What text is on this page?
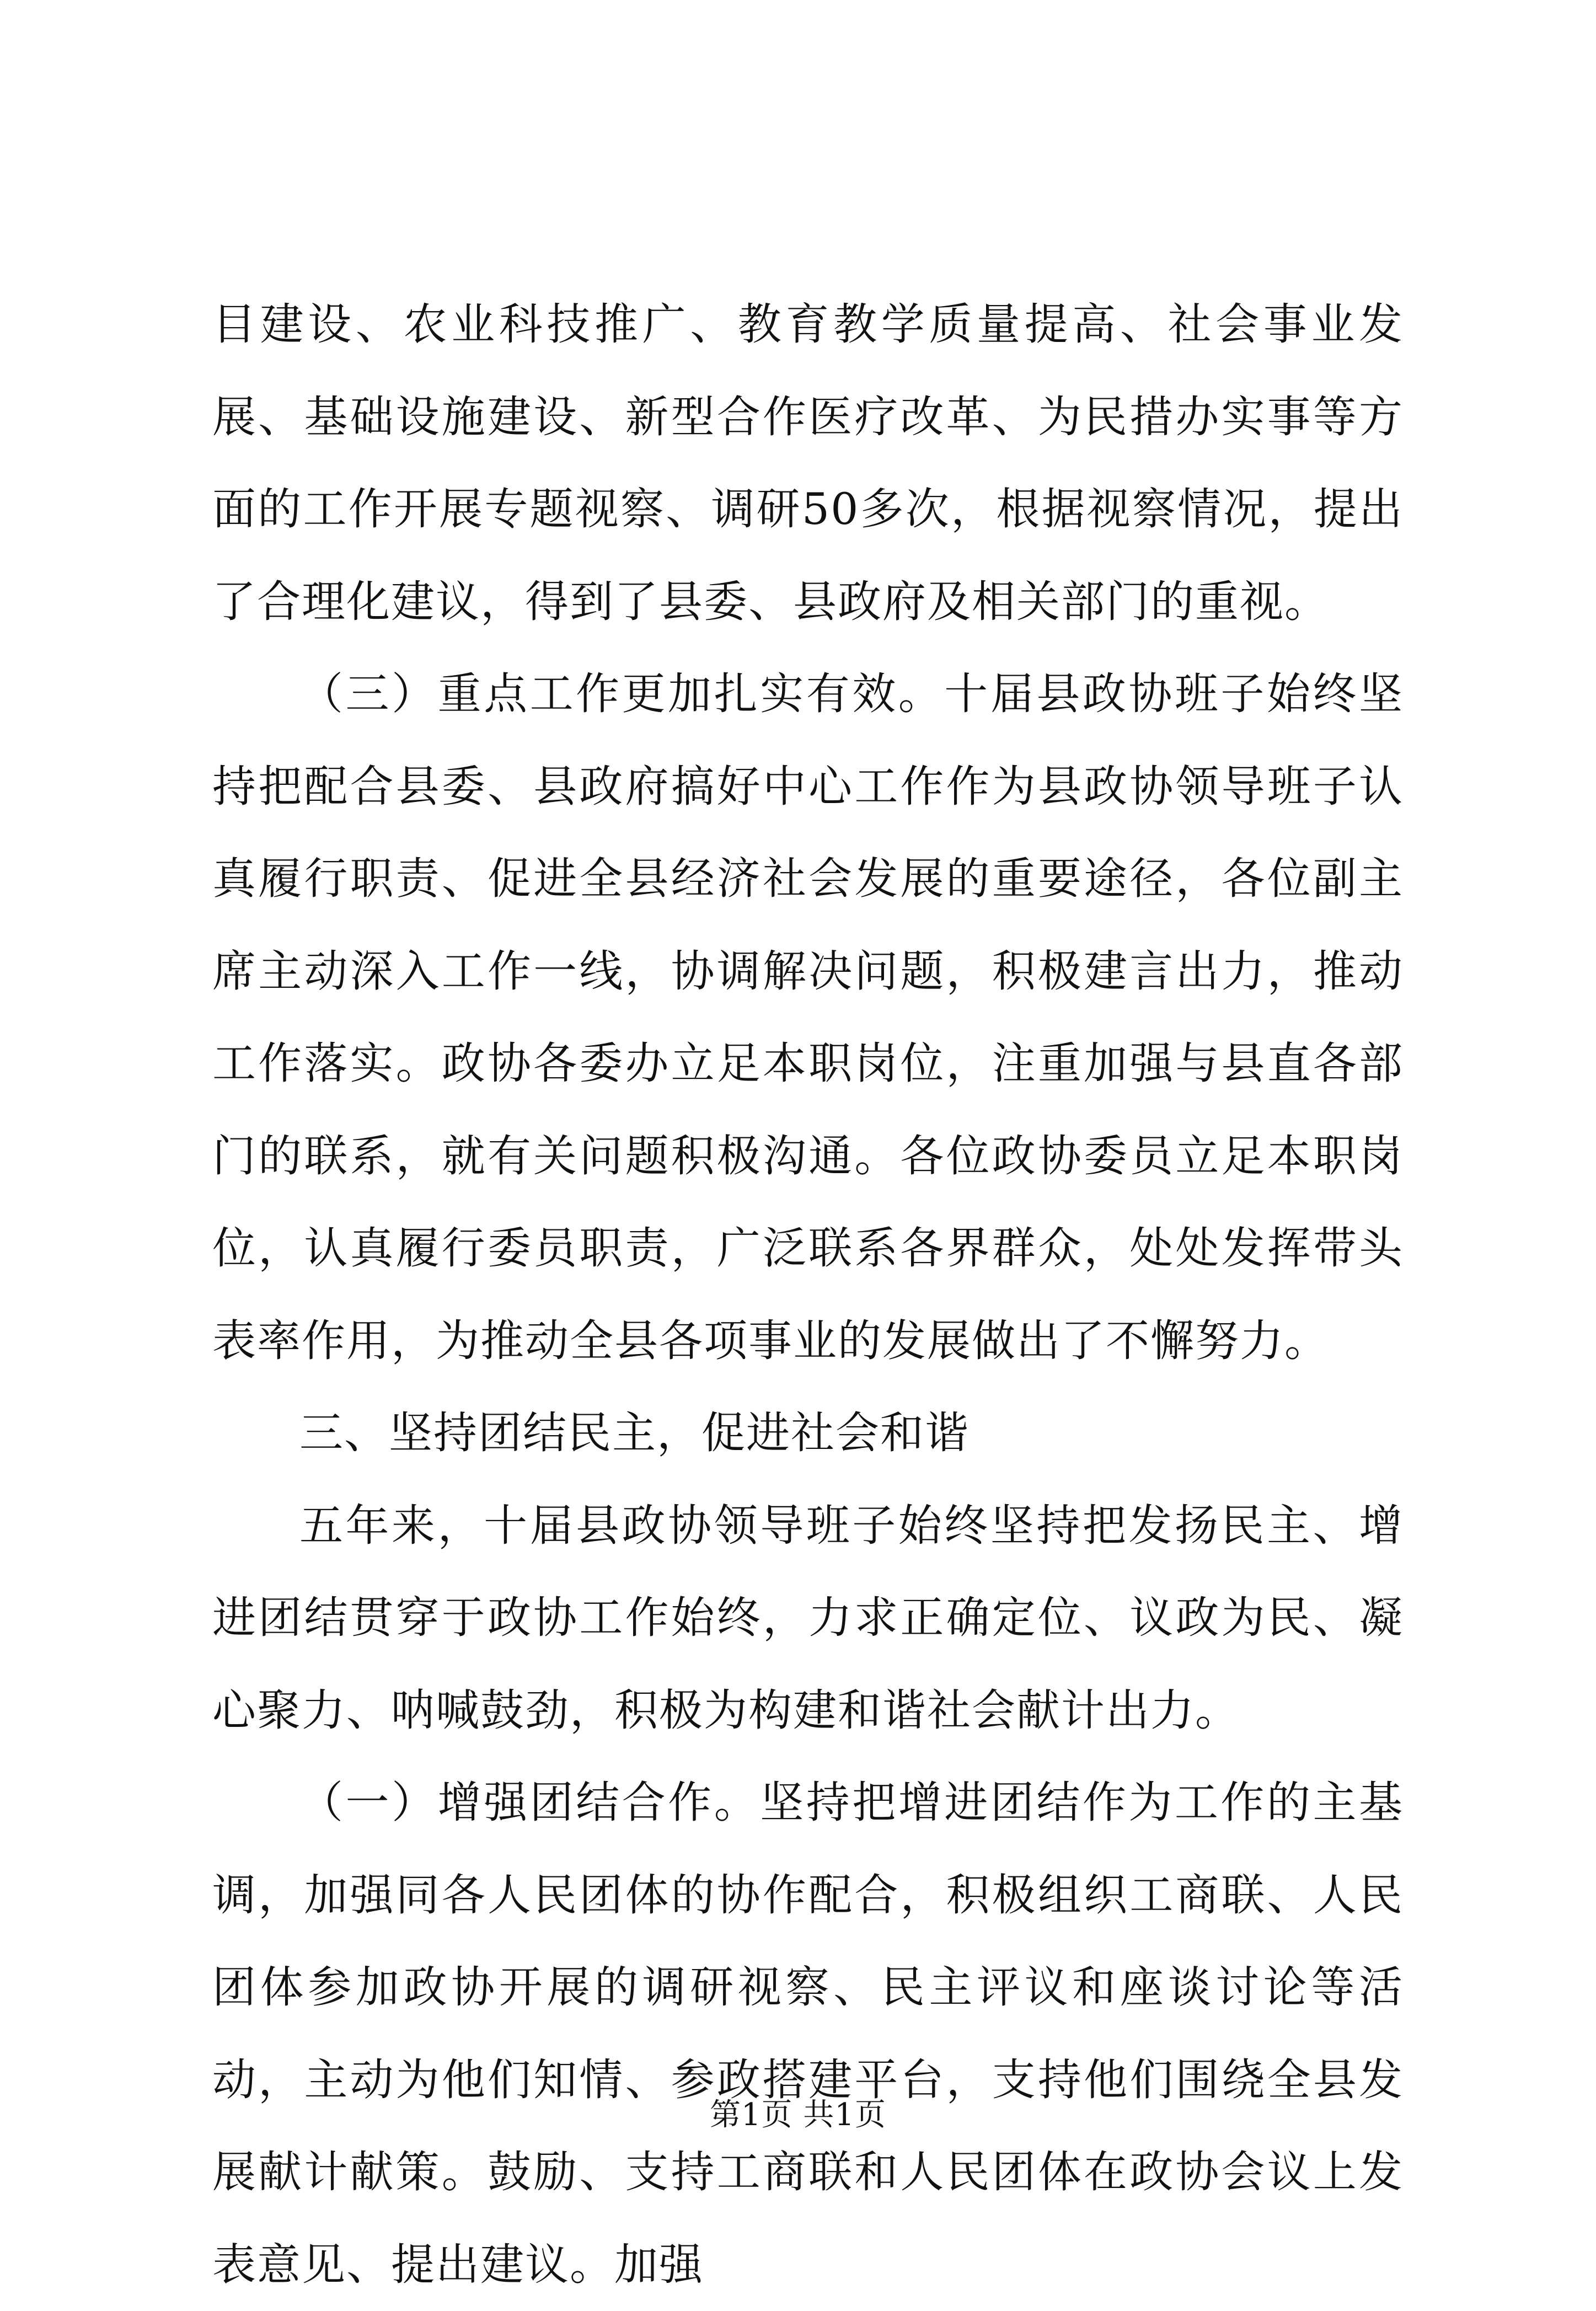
目建设、农业科技推广、教育教学质量提高、社会事业发展、基础设施建设、新型合作医疗改革、为民措办实事等方面的工作开展专题视察、调研50多次，根据视察情况，提出了合理化建议，得到了县委、县政府及相关部门的重视。

（三）重点工作更加扎实有效。十届县政协班子始终坚持把配合县委、县政府搞好中心工作作为县政协领导班子认真履行职责、促进全县经济社会发展的重要途径，各位副主席主动深入工作一线，协调解决问题，积极建言出力，推动工作落实。政协各委办立足本职岗位，注重加强与县直各部门的联系，就有关问题积极沟通。各位政协委员立足本职岗位，认真履行委员职责，广泛联系各界群众，处处发挥带头表率作用，为推动全县各项事业的发展做出了不懈努力。

三、坚持团结民主，促进社会和谐

五年来，十届县政协领导班子始终坚持把发扬民主、增进团结贯穿于政协工作始终，力求正确定位、议政为民、凝心聚力、呐喊鼓劲，积极为构建和谐社会献计出力。

（一）增强团结合作。坚持把增进团结作为工作的主基调，加强同各人民团体的协作配合，积极组织工商联、人民团体参加政协开展的调研视察、民主评议和座谈讨论等活动，主动为他们知情、参政搭建平台，支持他们围绕全县发展献计献策。鼓励、支持工商联和人民团体在政协会议上发表意见、提出建议。加强

第1页 共1页
